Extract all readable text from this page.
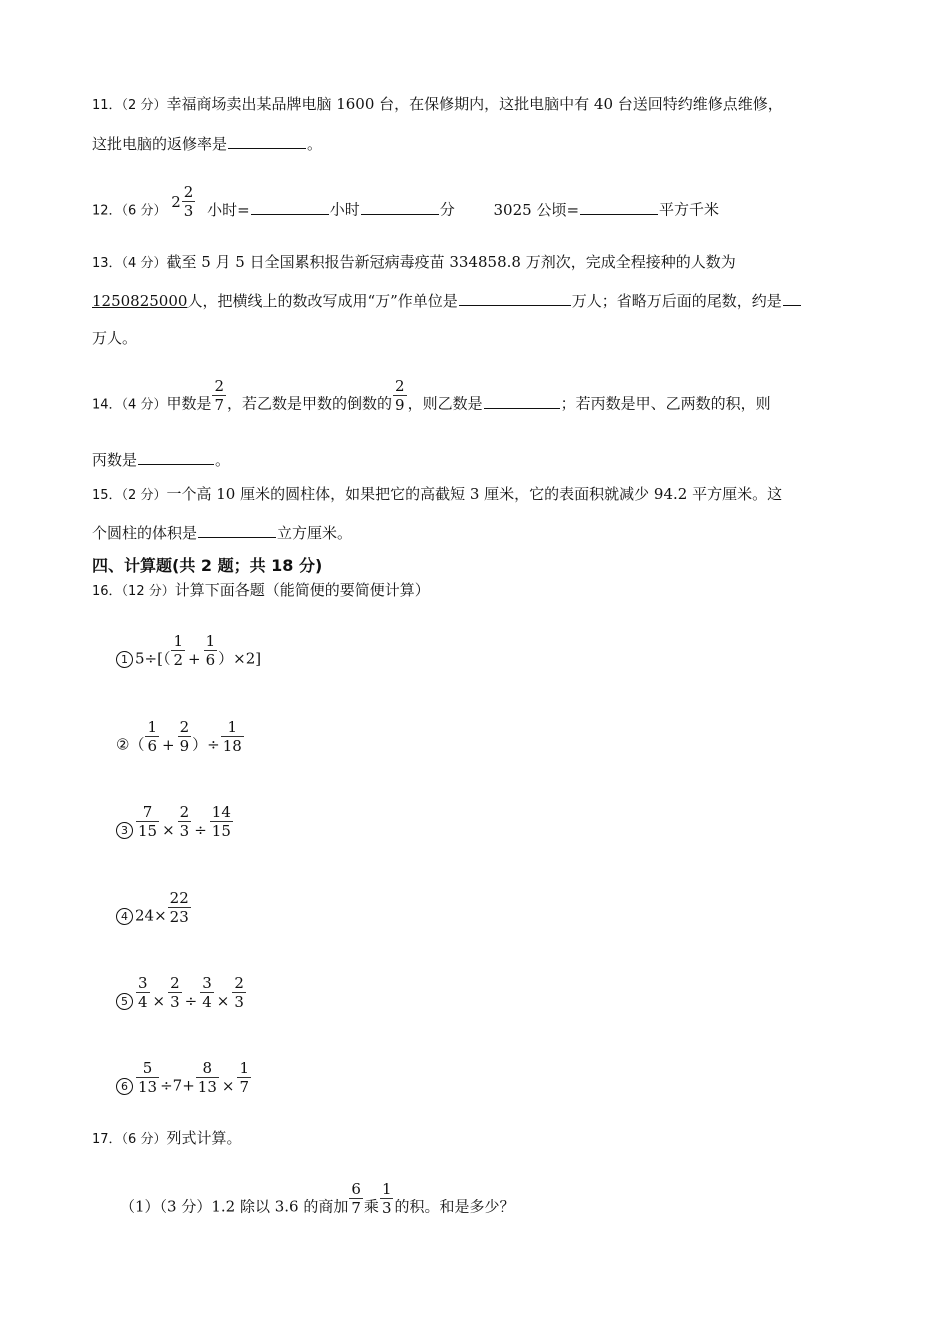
11．（2 分）幸福商场卖出某品牌电脑 1600 台，在保修期内，这批电脑中有 40 台送回特约维修点维修，
这批电脑的返修率是	。
12．（6 分） $2 \frac{2}{3}$ 小时=	小时	分	3025 公顷=	平方千米
13．（4 分）截至 5 月 5 日全国累积报告新冠病毒疫苗 334858.8 万剂次，完成全程接种的人数为
1250825000人，把横线上的数改写成用“万”作单位是	万人；省略万后面的尾数，约是
万人。
14．（4 分）甲数是 $\frac{2}{7}$ ，若乙数是甲数的倒数的 $\frac{2}{9}$ ，则乙数是	；若丙数是甲、乙两数的积，则
丙数是	。
15．（2 分）一个高 10 厘米的圆柱体，如果把它的高截短 3 厘米，它的表面积就减少 94.2 平方厘米。这
个圆柱的体积是	立方厘米。
四、计算题(共 2 题；共 18 分)
16．（12 分）计算下面各题（能简便的要简便计算）
1 $5\div[( \frac{1}{2} + \frac{1}{6} )\times 2]$
②（ $\frac{1}{6} + \frac{2}{9}$ ）÷ $\frac{1}{18}$
$3 \frac{7}{15} \times \frac{2}{3} \div \frac{14}{15}$
4 $24\times \frac{22}{23}$
$5 \frac{3}{4} \times \frac{2}{3} \div \frac{3}{4} \times \frac{2}{3}$
$6 \frac{5}{13} \div 7+ \frac{8}{13} \times \frac{1}{7}$
17．（6 分）列式计算。
（1）（3 分）1.2 除以 3.6 的商加 $\frac{6}{7}$ 乘 $\frac{1}{3}$ 的积。和是多少？
